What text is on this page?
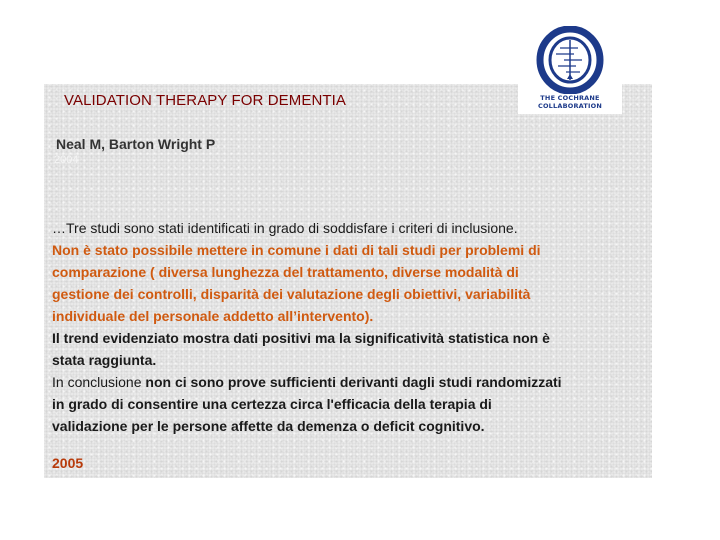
THE COCHRANE
COLLABORATION
VALIDATION THERAPY FOR DEMENTIA
Neal M, Barton Wright P
2004
…Tre studi sono stati identificati in grado di soddisfare i criteri di inclusione.
Non è stato possibile mettere in comune i dati di tali studi per problemi di
comparazione ( diversa lunghezza del trattamento, diverse modalità di
gestione dei controlli, disparità dei valutazione degli obiettivi, variabilità
individuale del personale addetto all’intervento).
Il trend evidenziato mostra dati positivi ma la significatività statistica non è
stata raggiunta.
In conclusione non ci sono prove sufficienti derivanti dagli studi randomizzati
in grado di consentire una certezza circa l'efficacia della terapia di
validazione per le persone affette da demenza o deficit cognitivo.
2005
